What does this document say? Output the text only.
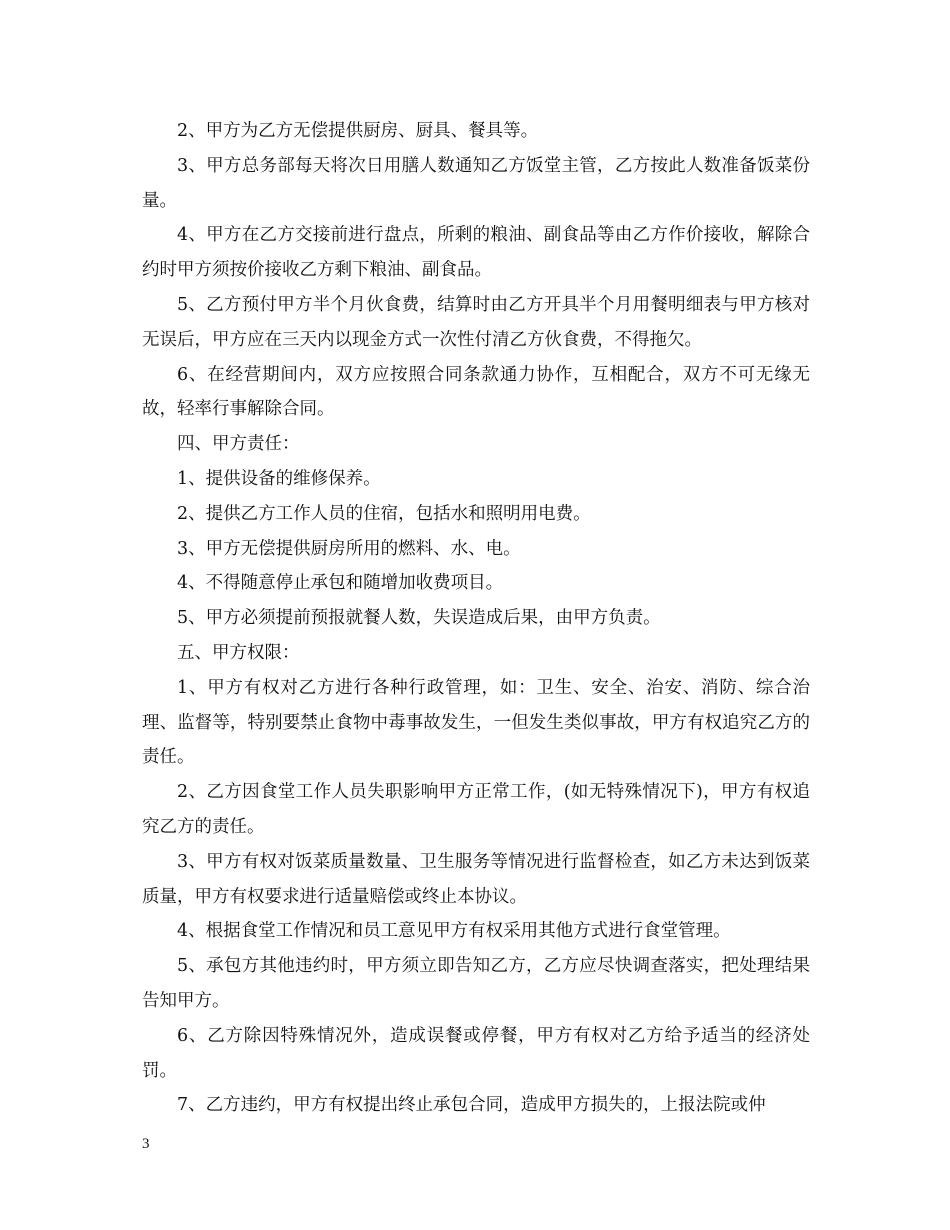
2、甲方为乙方无偿提供厨房、厨具、餐具等。

3、甲方总务部每天将次日用膳人数通知乙方饭堂主管，乙方按此人数准备饭菜份量。

4、甲方在乙方交接前进行盘点，所剩的粮油、副食品等由乙方作价接收，解除合约时甲方须按价接收乙方剩下粮油、副食品。

5、乙方预付甲方半个月伙食费，结算时由乙方开具半个月用餐明细表与甲方核对无误后，甲方应在三天内以现金方式一次性付清乙方伙食费，不得拖欠。

6、在经营期间内，双方应按照合同条款通力协作，互相配合，双方不可无缘无故，轻率行事解除合同。

四、甲方责任：

1、提供设备的维修保养。

2、提供乙方工作人员的住宿，包括水和照明用电费。

3、甲方无偿提供厨房所用的燃料、水、电。

4、不得随意停止承包和随增加收费项目。

5、甲方必须提前预报就餐人数，失误造成后果，由甲方负责。

五、甲方权限：

1、甲方有权对乙方进行各种行政管理，如：卫生、安全、治安、消防、综合治理、监督等，特别要禁止食物中毒事故发生，一但发生类似事故，甲方有权追究乙方的责任。

2、乙方因食堂工作人员失职影响甲方正常工作，(如无特殊情况下)，甲方有权追究乙方的责任。

3、甲方有权对饭菜质量数量、卫生服务等情况进行监督检查，如乙方未达到饭菜质量，甲方有权要求进行适量赔偿或终止本协议。

4、根据食堂工作情况和员工意见甲方有权采用其他方式进行食堂管理。

5、承包方其他违约时，甲方须立即告知乙方，乙方应尽快调查落实，把处理结果告知甲方。

6、乙方除因特殊情况外，造成误餐或停餐，甲方有权对乙方给予适当的经济处罚。

7、乙方违约，甲方有权提出终止承包合同，造成甲方损失的，上报法院或仲

3
